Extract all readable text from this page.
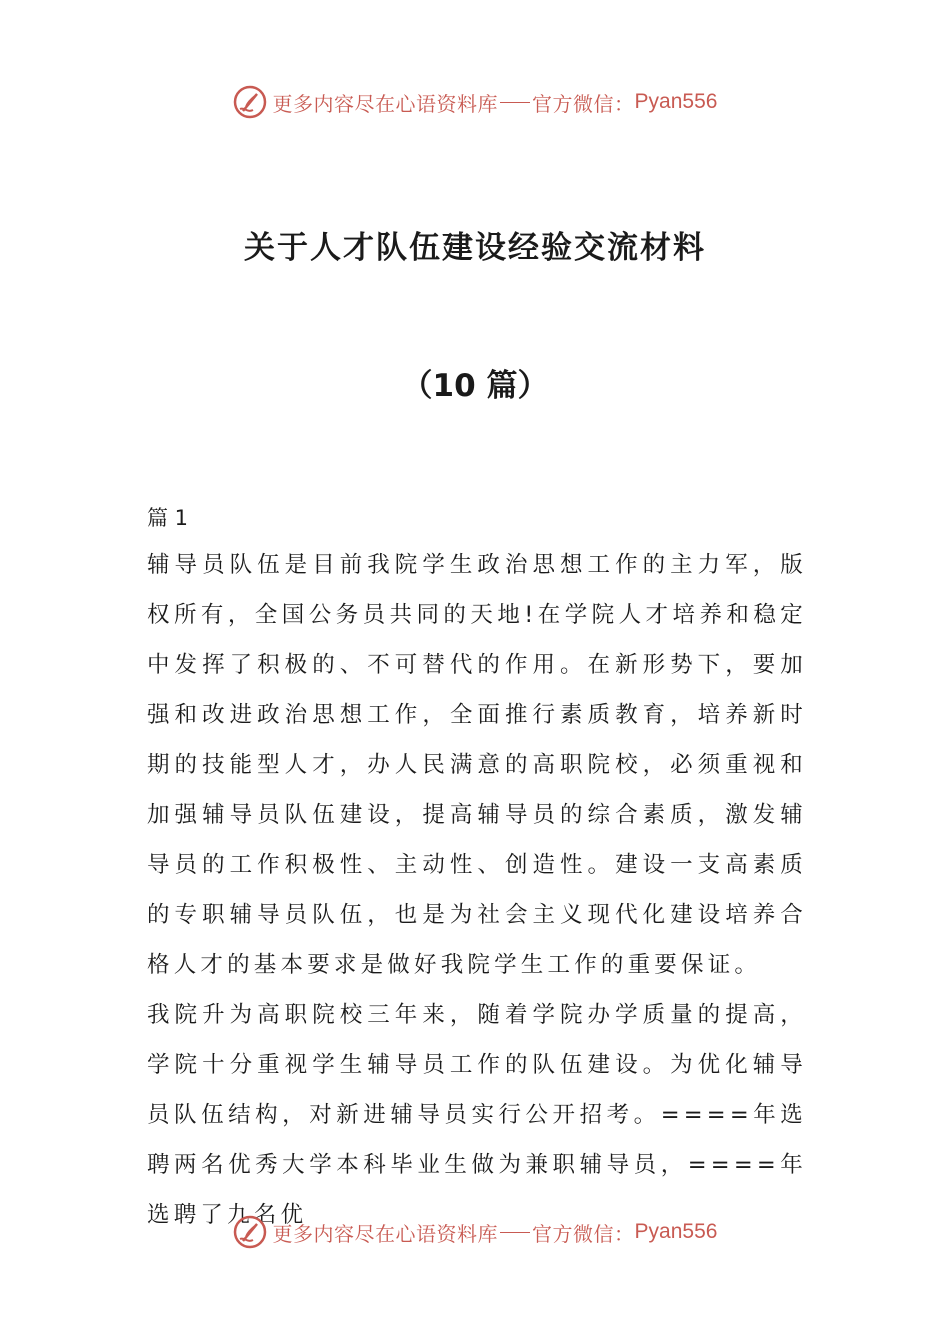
更多内容尽在心语资料库 官方微信： Pyan556
关于人才队伍建设经验交流材料
（10 篇）

篇 1

辅导员队伍是目前我院学生政治思想工作的主力军，版权所有，全国公务员共同的天地!在学院人才培养和稳定中发挥了积极的、不可替代的作用。在新形势下，要加强和改进政治思想工作，全面推行素质教育，培养新时期的技能型人才，办人民满意的高职院校，必须重视和加强辅导员队伍建设，提高辅导员的综合素质，激发辅导员的工作积极性、主动性、创造性。建设一支高素质的专职辅导员队伍，也是为社会主义现代化建设培养合格人才的基本要求是做好我院学生工作的重要保证。

我院升为高职院校三年来，随着学院办学质量的提高，学院十分重视学生辅导员工作的队伍建设。为优化辅导员队伍结构，对新进辅导员实行公开招考。====年选聘两名优秀大学本科毕业生做为兼职辅导员，====年选聘了九名优

更多内容尽在心语资料库 官方微信： Pyan556
